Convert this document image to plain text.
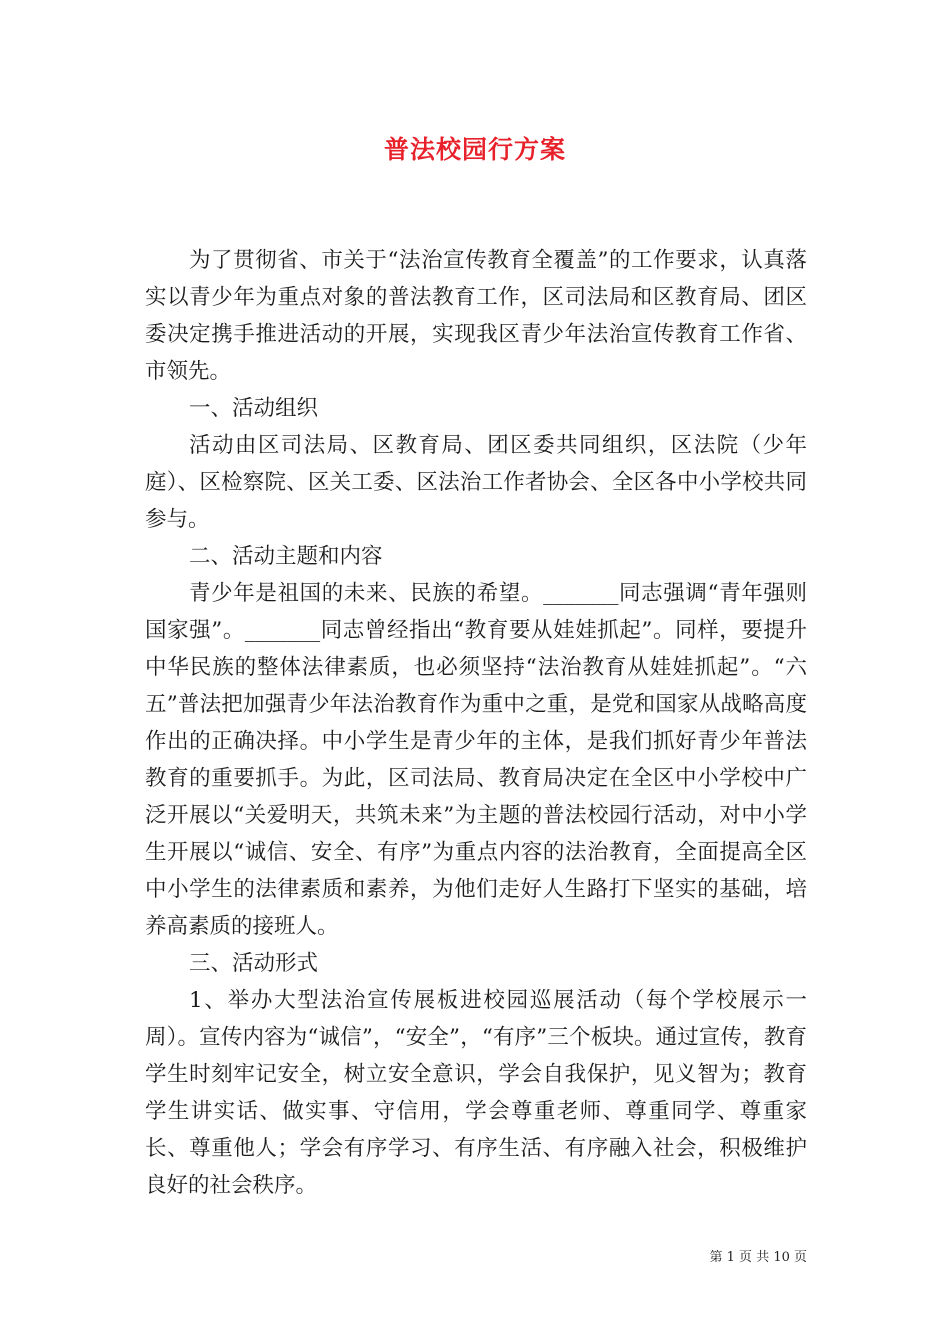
普法校园行方案

为了贯彻省、市关于“法治宣传教育全覆盖”的工作要求，认真落实以青少年为重点对象的普法教育工作，区司法局和区教育局、团区委决定携手推进活动的开展，实现我区青少年法治宣传教育工作省、市领先。

一、活动组织

活动由区司法局、区教育局、团区委共同组织，区法院（少年庭）、区检察院、区关工委、区法治工作者协会、全区各中小学校共同参与。

二、活动主题和内容

青少年是祖国的未来、民族的希望。_______同志强调“青年强则国家强”。_______同志曾经指出“教育要从娃娃抓起”。同样，要提升中华民族的整体法律素质，也必须坚持“法治教育从娃娃抓起”。“六五”普法把加强青少年法治教育作为重中之重，是党和国家从战略高度作出的正确决择。中小学生是青少年的主体，是我们抓好青少年普法教育的重要抓手。为此，区司法局、教育局决定在全区中小学校中广泛开展以“关爱明天，共筑未来”为主题的普法校园行活动，对中小学生开展以“诚信、安全、有序”为重点内容的法治教育，全面提高全区中小学生的法律素质和素养，为他们走好人生路打下坚实的基础，培养高素质的接班人。

三、活动形式

1、举办大型法治宣传展板进校园巡展活动（每个学校展示一周）。宣传内容为“诚信”，“安全”，“有序”三个板块。通过宣传，教育学生时刻牢记安全，树立安全意识，学会自我保护，见义智为；教育学生讲实话、做实事、守信用，学会尊重老师、尊重同学、尊重家长、尊重他人；学会有序学习、有序生活、有序融入社会，积极维护良好的社会秩序。

第 1 页 共 10 页
